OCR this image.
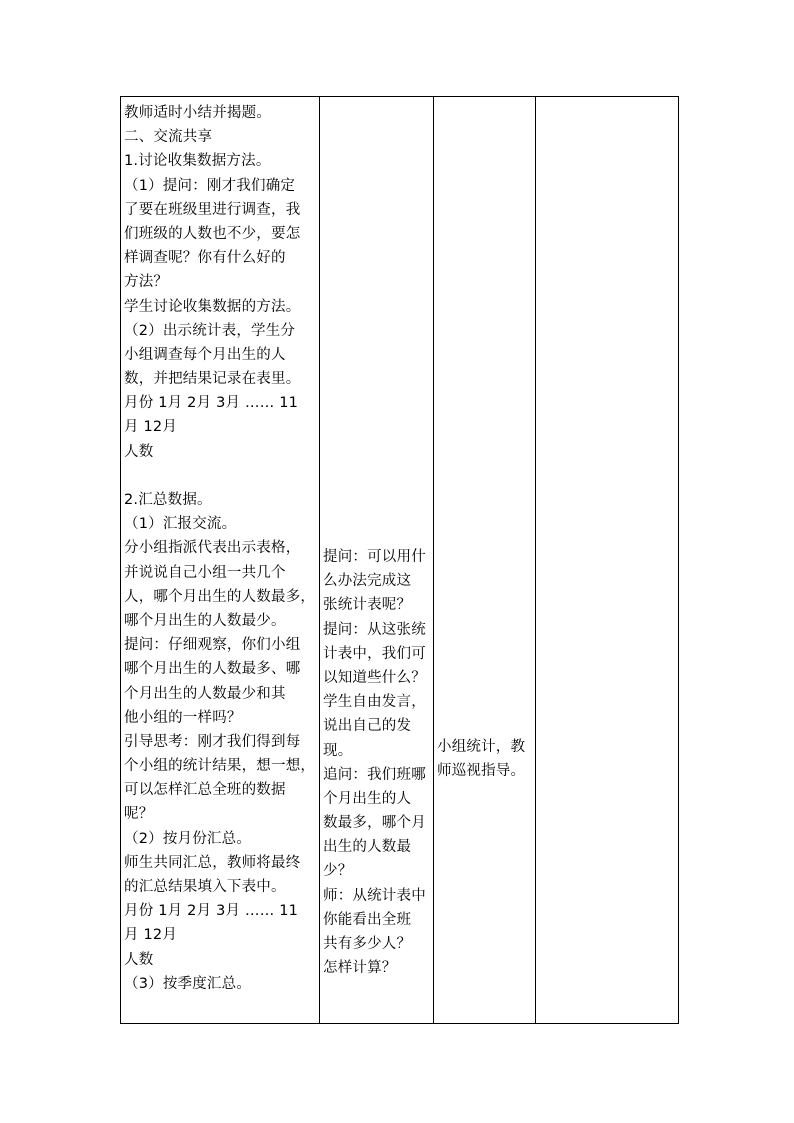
教师适时小结并揭题。
二、交流共享
1.讨论收集数据方法。
（1）提问：刚才我们确定
了要在班级里进行调查，我
们班级的人数也不少，要怎
样调查呢？你有什么好的
方法？
学生讨论收集数据的方法。
（2）出示统计表，学生分
小组调查每个月出生的人
数，并把结果记录在表里。
月份 1月 2月 3月 …… 11
月 12月
人数
2.汇总数据。
（1）汇报交流。
分小组指派代表出示表格，
并说说自己小组一共几个
人，哪个月出生的人数最多，
哪个月出生的人数最少。
提问：仔细观察，你们小组
哪个月出生的人数最多、哪
个月出生的人数最少和其
他小组的一样吗？
引导思考：刚才我们得到每
个小组的统计结果，想一想，
可以怎样汇总全班的数据
呢？
（2）按月份汇总。
师生共同汇总，教师将最终
的汇总结果填入下表中。
月份 1月 2月 3月 …… 11
月 12月
人数
（3）按季度汇总。

提问：可以用什
么办法完成这
张统计表呢？
提问：从这张统
计表中，我们可
以知道些什么？
学生自由发言，
说出自己的发
现。
追问：我们班哪
个月出生的人
数最多，哪个月
出生的人数最
少？
师：从统计表中
你能看出全班
共有多少人？
怎样计算？

小组统计，教
师巡视指导。
